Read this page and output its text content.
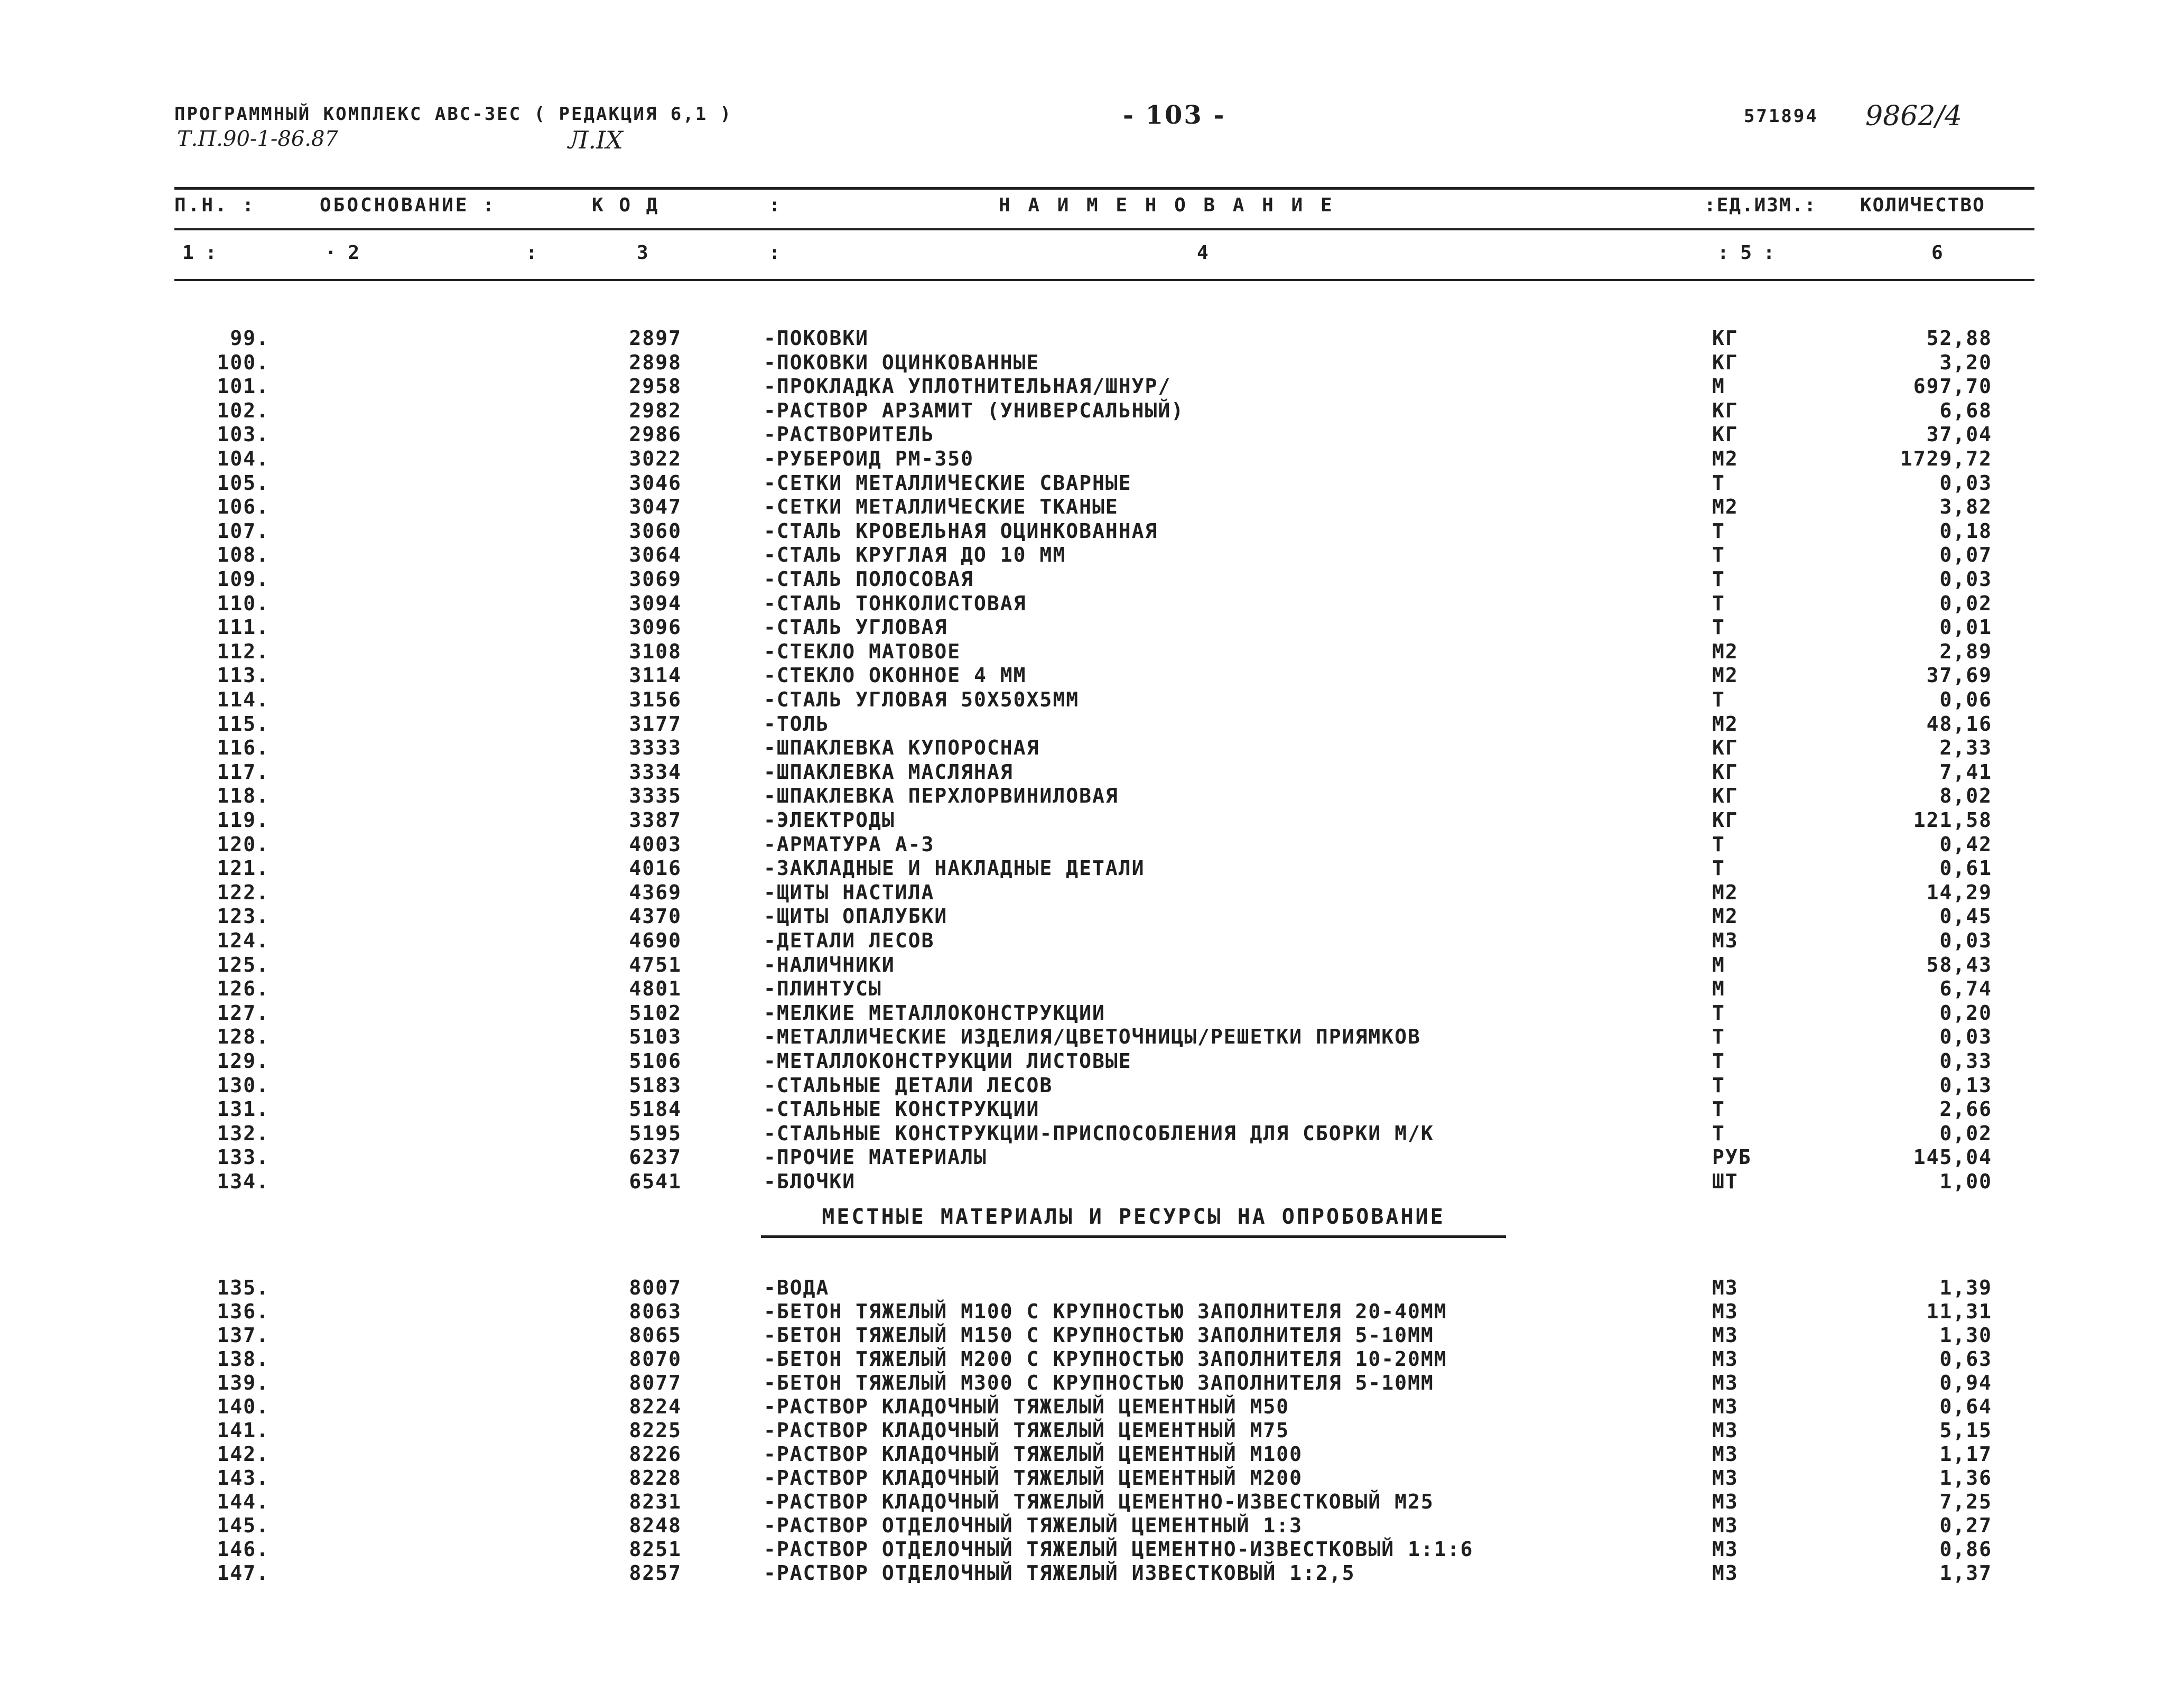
ПРОГРАММНЫЙ КОМПЛЕКС АВС-3ЕС ( РЕДАКЦИЯ 6,1 )
Т.П.90-1-86.87	Л.IX
- 103 -	571894 9862/4
П.Н. :	ОБОСНОВАНИЕ :	К О Д	:	Н А И М Е Н О В А Н И Е	:ЕД.ИЗМ.: КОЛИЧЕСТВО
1 :	· 2	:	3	:	4	: 5 :	6
99.	2897	-ПОКОВКИ	КГ	52,88
100.	2898	-ПОКОВКИ ОЦИНКОВАННЫЕ	КГ	3,20
101.	2958	-ПРОКЛАДКА УПЛОТНИТЕЛЬНАЯ/ШНУР/	М	697,70
102.	2982	-РАСТВОР АРЗАМИТ (УНИВЕРСАЛЬНЫЙ)	КГ	6,68
103.	2986	-РАСТВОРИТЕЛЬ	КГ	37,04
104.	3022	-РУБЕРОИД РМ-350	М2	1729,72
105.	3046	-СЕТКИ МЕТАЛЛИЧЕСКИЕ СВАРНЫЕ	Т	0,03
106.	3047	-СЕТКИ МЕТАЛЛИЧЕСКИЕ ТКАНЫЕ	М2	3,82
107.	3060	-СТАЛЬ КРОВЕЛЬНАЯ ОЦИНКОВАННАЯ	Т	0,18
108.	3064	-СТАЛЬ КРУГЛАЯ ДО 10 ММ	Т	0,07
109.	3069	-СТАЛЬ ПОЛОСОВАЯ	Т	0,03
110.	3094	-СТАЛЬ ТОНКОЛИСТОВАЯ	Т	0,02
111.	3096	-СТАЛЬ УГЛОВАЯ	Т	0,01
112.	3108	-СТЕКЛО МАТОВОЕ	М2	2,89
113.	3114	-СТЕКЛО ОКОННОЕ 4 ММ	М2	37,69
114.	3156	-СТАЛЬ УГЛОВАЯ 50Х50Х5ММ	Т	0,06
115.	3177	-ТОЛЬ	М2	48,16
116.	3333	-ШПАКЛЕВКА КУПОРОСНАЯ	КГ	2,33
117.	3334	-ШПАКЛЕВКА МАСЛЯНАЯ	КГ	7,41
118.	3335	-ШПАКЛЕВКА ПЕРХЛОРВИНИЛОВАЯ	КГ	8,02
119.	3387	-ЭЛЕКТРОДЫ	КГ	121,58
120.	4003	-АРМАТУРА А-3	Т	0,42
121.	4016	-ЗАКЛАДНЫЕ И НАКЛАДНЫЕ ДЕТАЛИ	Т	0,61
122.	4369	-ЩИТЫ НАСТИЛА	М2	14,29
123.	4370	-ЩИТЫ ОПАЛУБКИ	М2	0,45
124.	4690	-ДЕТАЛИ ЛЕСОВ	М3	0,03
125.	4751	-НАЛИЧНИКИ	М	58,43
126.	4801	-ПЛИНТУСЫ	М	6,74
127.	5102	-МЕЛКИЕ МЕТАЛЛОКОНСТРУКЦИИ	Т	0,20
128.	5103	-МЕТАЛЛИЧЕСКИЕ ИЗДЕЛИЯ/ЦВЕТОЧНИЦЫ/РЕШЕТКИ ПРИЯМКОВ	Т	0,03
129.	5106	-МЕТАЛЛОКОНСТРУКЦИИ ЛИСТОВЫЕ	Т	0,33
130.	5183	-СТАЛЬНЫЕ ДЕТАЛИ ЛЕСОВ	Т	0,13
131.	5184	-СТАЛЬНЫЕ КОНСТРУКЦИИ	Т	2,66
132.	5195	-СТАЛЬНЫЕ КОНСТРУКЦИИ-ПРИСПОСОБЛЕНИЯ ДЛЯ СБОРКИ М/К	Т	0,02
133.	6237	-ПРОЧИЕ МАТЕРИАЛЫ	РУБ	145,04
134.	6541	-БЛОЧКИ	ШТ	1,00
МЕСТНЫЕ МАТЕРИАЛЫ И РЕСУРСЫ НА ОПРОБОВАНИЕ
135.	8007	-ВОДА	М3	1,39
136.	8063	-БЕТОН ТЯЖЕЛЫЙ М100 С КРУПНОСТЬЮ ЗАПОЛНИТЕЛЯ 20-40ММ	М3	11,31
137.	8065	-БЕТОН ТЯЖЕЛЫЙ М150 С КРУПНОСТЬЮ ЗАПОЛНИТЕЛЯ 5-10ММ	М3	1,30
138.	8070	-БЕТОН ТЯЖЕЛЫЙ М200 С КРУПНОСТЬЮ ЗАПОЛНИТЕЛЯ 10-20ММ	М3	0,63
139.	8077	-БЕТОН ТЯЖЕЛЫЙ М300 С КРУПНОСТЬЮ ЗАПОЛНИТЕЛЯ 5-10ММ	М3	0,94
140.	8224	-РАСТВОР КЛАДОЧНЫЙ ТЯЖЕЛЫЙ ЦЕМЕНТНЫЙ М50	М3	0,64
141.	8225	-РАСТВОР КЛАДОЧНЫЙ ТЯЖЕЛЫЙ ЦЕМЕНТНЫЙ М75	М3	5,15
142.	8226	-РАСТВОР КЛАДОЧНЫЙ ТЯЖЕЛЫЙ ЦЕМЕНТНЫЙ М100	М3	1,17
143.	8228	-РАСТВОР КЛАДОЧНЫЙ ТЯЖЕЛЫЙ ЦЕМЕНТНЫЙ М200	М3	1,36
144.	8231	-РАСТВОР КЛАДОЧНЫЙ ТЯЖЕЛЫЙ ЦЕМЕНТНО-ИЗВЕСТКОВЫЙ М25	М3	7,25
145.	8248	-РАСТВОР ОТДЕЛОЧНЫЙ ТЯЖЕЛЫЙ ЦЕМЕНТНЫЙ 1:3	М3	0,27
146.	8251	-РАСТВОР ОТДЕЛОЧНЫЙ ТЯЖЕЛЫЙ ЦЕМЕНТНО-ИЗВЕСТКОВЫЙ 1:1:6	М3	0,86
147.	8257	-РАСТВОР ОТДЕЛОЧНЫЙ ТЯЖЕЛЫЙ ИЗВЕСТКОВЫЙ 1:2,5	М3	1,37
